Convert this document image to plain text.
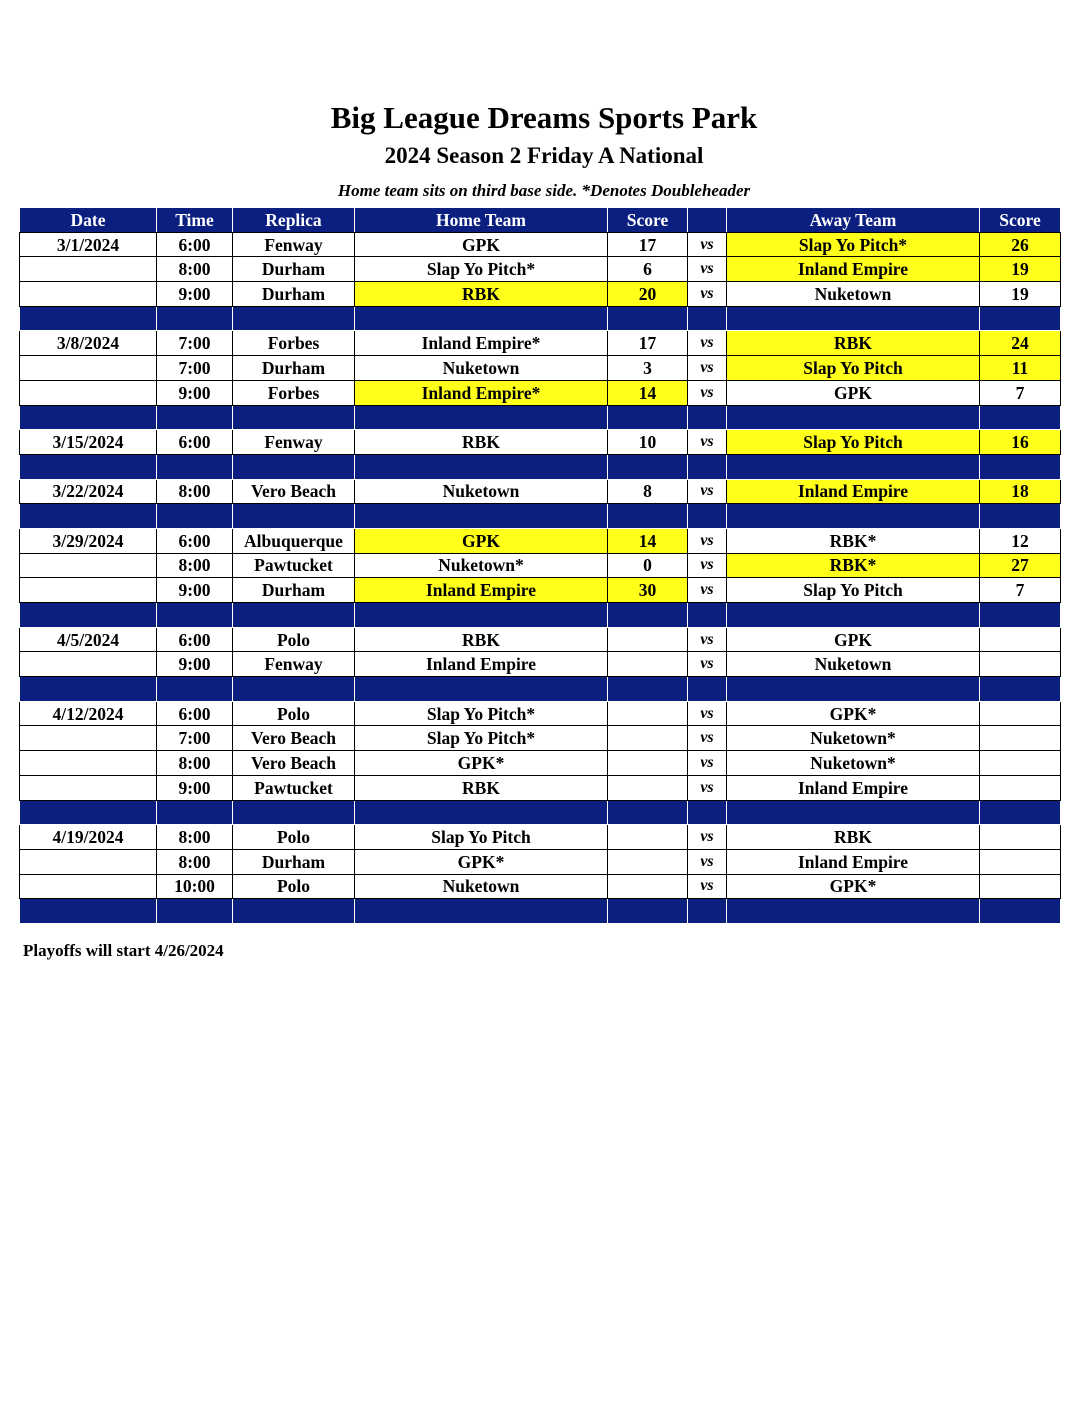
Big League Dreams Sports Park
2024 Season 2 Friday A National
Home team sits on third base side. *Denotes Doubleheader
Date	Time	Replica	Home Team	Score		Away Team	Score
3/1/2024	6:00	Fenway	GPK	17	vs	Slap Yo Pitch*	26
	8:00	Durham	Slap Yo Pitch*	6	vs	Inland Empire	19
	9:00	Durham	RBK	20	vs	Nuketown	19

3/8/2024	7:00	Forbes	Inland Empire*	17	vs	RBK	24
	7:00	Durham	Nuketown	3	vs	Slap Yo Pitch	11
	9:00	Forbes	Inland Empire*	14	vs	GPK	7

3/15/2024	6:00	Fenway	RBK	10	vs	Slap Yo Pitch	16

3/22/2024	8:00	Vero Beach	Nuketown	8	vs	Inland Empire	18

3/29/2024	6:00	Albuquerque	GPK	14	vs	RBK*	12
	8:00	Pawtucket	Nuketown*	0	vs	RBK*	27
	9:00	Durham	Inland Empire	30	vs	Slap Yo Pitch	7

4/5/2024	6:00	Polo	RBK		vs	GPK	
	9:00	Fenway	Inland Empire		vs	Nuketown	

4/12/2024	6:00	Polo	Slap Yo Pitch*		vs	GPK*	
	7:00	Vero Beach	Slap Yo Pitch*		vs	Nuketown*	
	8:00	Vero Beach	GPK*		vs	Nuketown*	
	9:00	Pawtucket	RBK		vs	Inland Empire	

4/19/2024	8:00	Polo	Slap Yo Pitch		vs	RBK	
	8:00	Durham	GPK*		vs	Inland Empire	
	10:00	Polo	Nuketown		vs	GPK*	

Playoffs will start 4/26/2024
